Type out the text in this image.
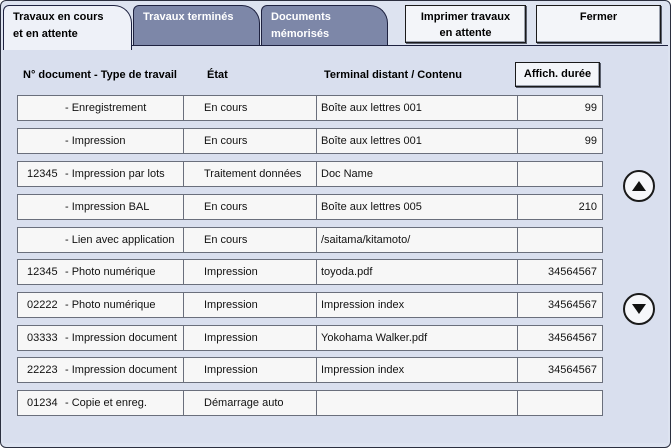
Travaux en cours
et en attente
Travaux terminés	Documents
mémorisés
Imprimer travaux
en attente
Fermer
N° document - Type de travail	État	Terminal distant / Contenu	Affich. durée
- Enregistrement	En cours	Boîte aux lettres 001	99
- Impression	En cours	Boîte aux lettres 001	99
12345 - Impression par lots	Traitement données	Doc Name
- Impression BAL	En cours	Boîte aux lettres 005	210
- Lien avec application	En cours	/saitama/kitamoto/
12345 - Photo numérique	Impression	toyoda.pdf	34564567
02222 - Photo numérique	Impression	Impression index	34564567
03333 - Impression document	Impression	Yokohama Walker.pdf	34564567
22223 - Impression document	Impression	Impression index	34564567
01234 - Copie et enreg.	Démarrage auto
